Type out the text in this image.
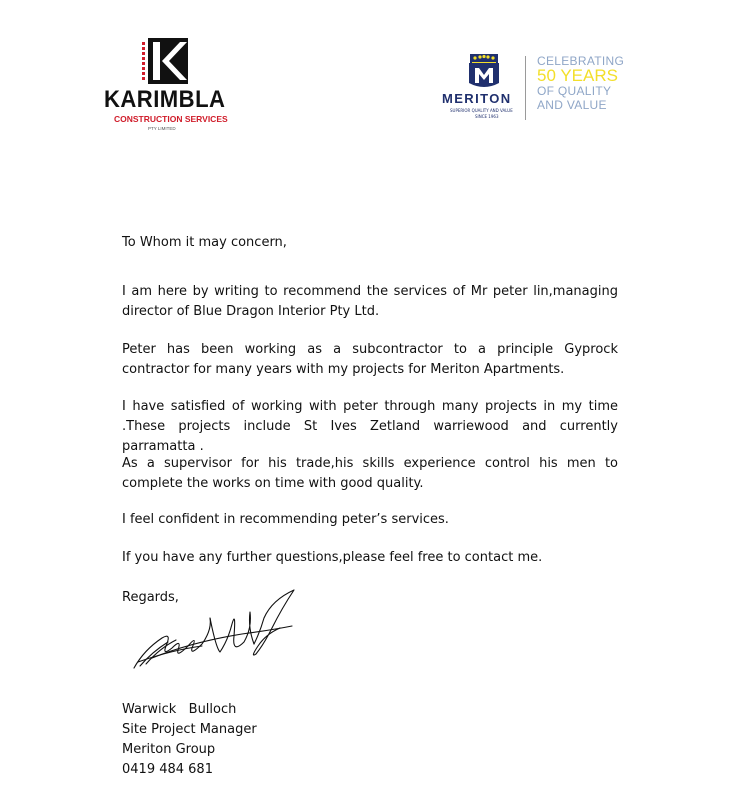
KARIMBLA
CONSTRUCTION SERVICES
PTY LIMITED
MERITON
SUPERIOR QUALITY AND VALUE
SINCE 1963
CELEBRATING
50 YEARS
OF QUALITY
AND VALUE
To Whom it may concern,

I am here by writing to recommend the services of Mr peter lin,managing director of Blue Dragon Interior Pty Ltd.

Peter has been working as a subcontractor to a principle Gyprock contractor for many years with my projects for Meriton Apartments.

I have satisfied of working with peter through many projects in my time .These projects include St Ives Zetland warriewood and currently parramatta .

As a supervisor for his trade,his skills experience control his men to complete the works on time with good quality.

I feel confident in recommending peter’s services.

If you have any further questions,please feel free to contact me.

Regards,
Warwick   Bulloch
Site Project Manager
Meriton Group
0419 484 681
